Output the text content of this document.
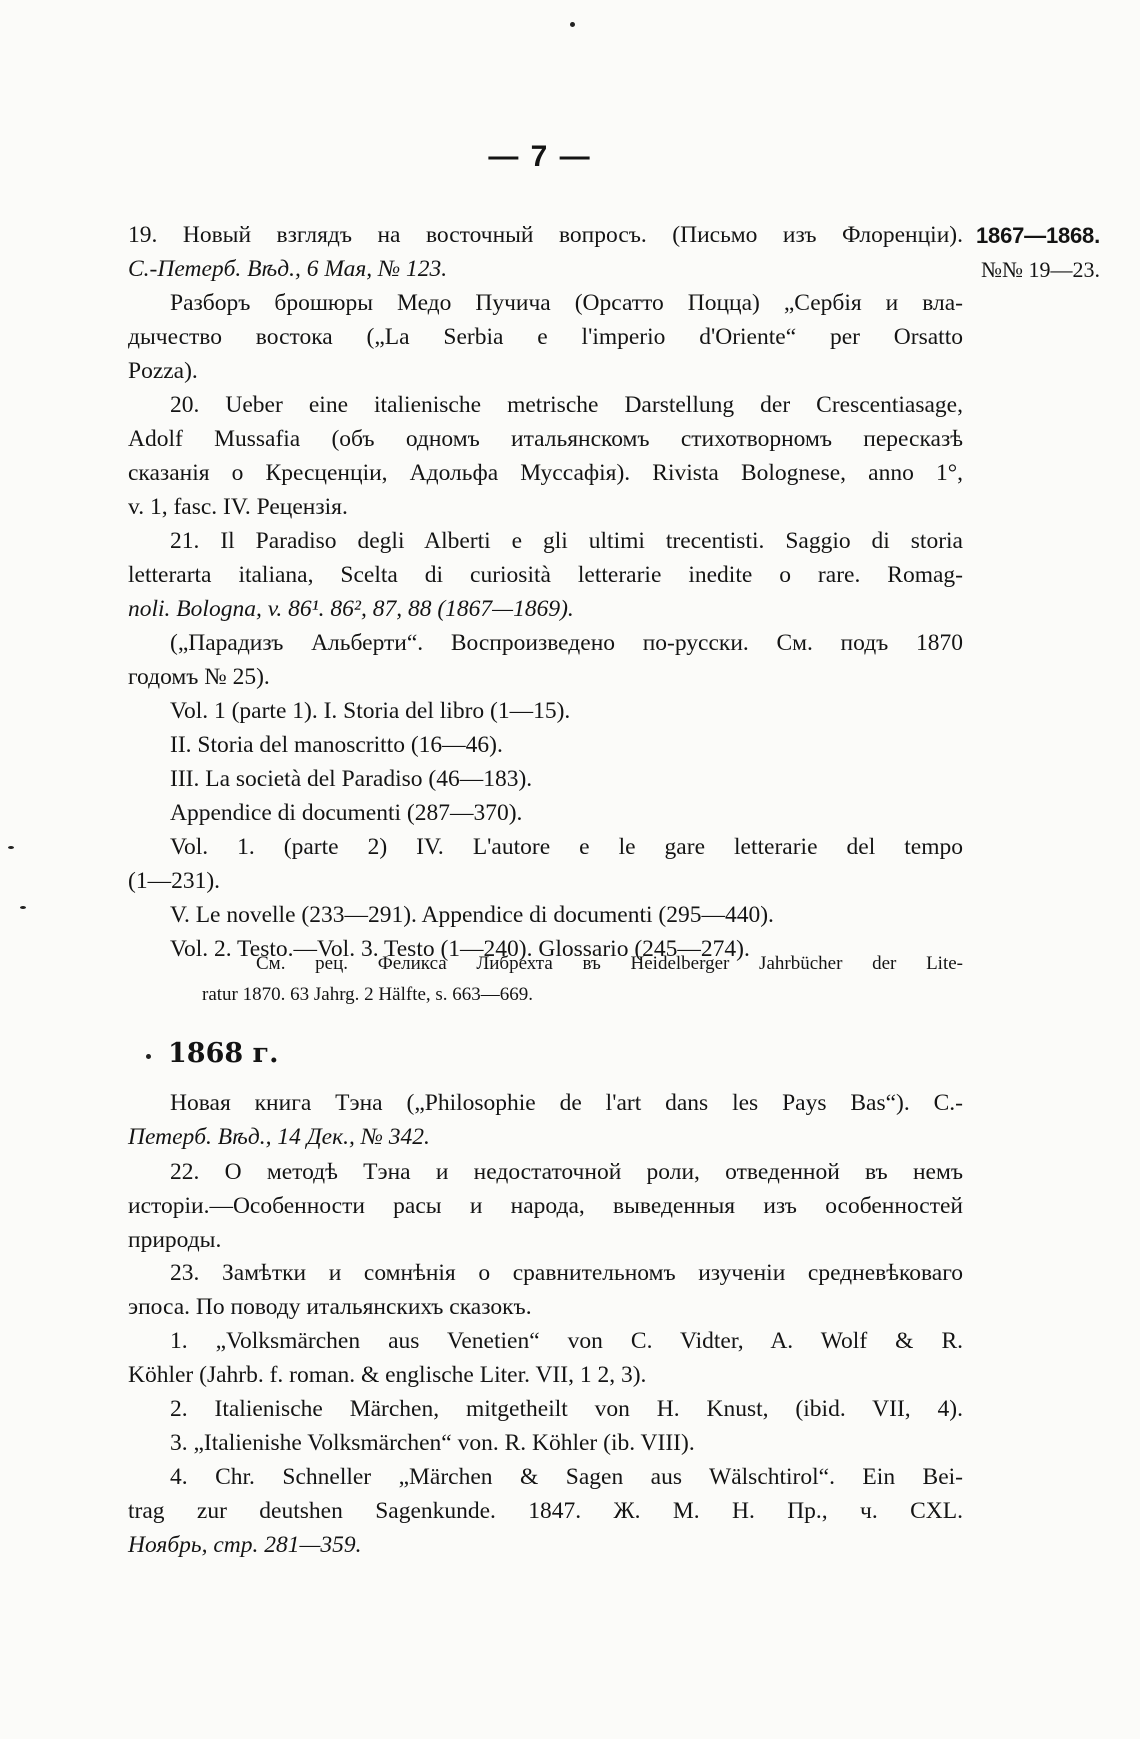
— 7 —
19. Новый взглядъ на восточный вопросъ. (Письмо изъ Флоренціи).
С.-Петерб. Вѣд., 6 Мая, № 123.
Разборъ брошюры Медо Пучича (Орсатто Поцца) „Сербія и вла-
дычество востока („La Serbia e l'imperio d'Oriente“ per Orsatto
Pozza).
1867—1868.
№№ 19—23.
20. Ueber eine italienische metrische Darstellung der Crescentiasage,
Adolf Mussafia (объ одномъ итальянскомъ стихотворномъ пересказѣ
сказанія о Кресценціи, Адольфа Муссафія). Rivista Bolognese, anno 1°,
v. 1, fasc. IV. Рецензія.
21. Il Paradiso degli Alberti e gli ultimi trecentisti. Saggio di storia
letterarta italiana, Scelta di curiosità letterarie inedite o rare. Romag-
noli. Bologna, v. 86¹. 86², 87, 88 (1867—1869).
(„Парадизъ Альберти“. Воспроизведено по-русски. См. подъ 1870
годомъ № 25).
Vol. 1 (parte 1). I. Storia del libro (1—15).
II. Storia del manoscritto (16—46).
III. La società del Paradiso (46—183).
Appendice di documenti (287—370).
Vol. 1. (parte 2) IV. L'autore e le gare letterarie del tempo
(1—231).
V. Le novelle (233—291). Appendice di documenti (295—440).
Vol. 2. Testo.—Vol. 3. Testo (1—240). Glossario (245—274).
См. рец. Феликса Либрехта въ Heidelberger Jahrbücher der Lite-
ratur 1870. 63 Jahrg. 2 Hälfte, s. 663—669.
1868 г.
Новая книга Тэна („Philosophie de l'art dans les Pays Bas“). С.-
Петерб. Вѣд., 14 Дек., № 342.
22. О методѣ Тэна и недостаточной роли, отведенной въ немъ
исторіи.—Особенности расы и народа, выведенныя изъ особенностей
природы.
23. Замѣтки и сомнѣнія о сравнительномъ изученіи средневѣковаго
эпоса. По поводу итальянскихъ сказокъ.
1. „Volksmärchen aus Venetien“ von C. Vidter, A. Wolf & R.
Köhler (Jahrb. f. roman. & englische Liter. VII, 1 2, 3).
2. Italienische Märchen, mitgetheilt von H. Knust, (ibid. VII, 4).
3. „Italienishe Volksmärchen“ von. R. Köhler (ib. VIII).
4. Chr. Schneller „Märchen & Sagen aus Wälschtirol“. Ein Bei-
trag zur deutshen Sagenkunde. 1847. Ж. М. Н. Пр., ч. CXL.
Ноябрь, стр. 281—359.
